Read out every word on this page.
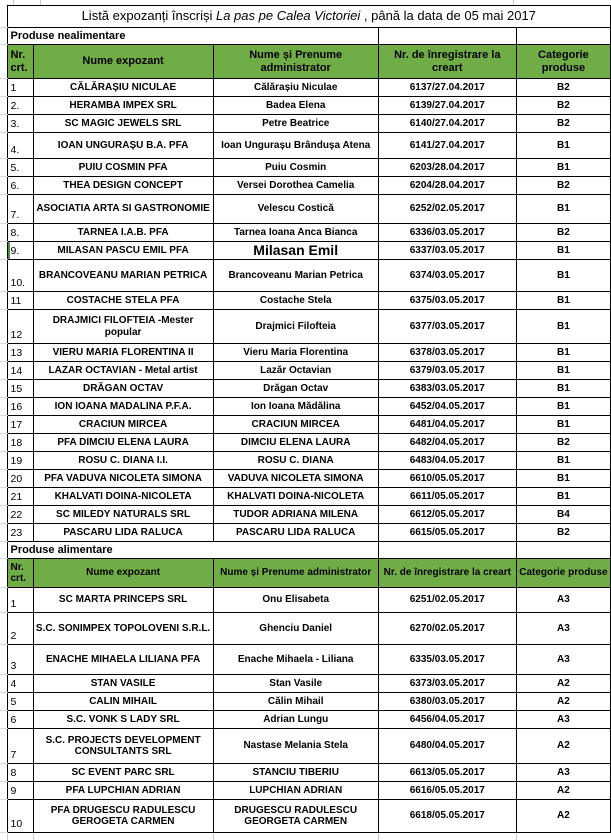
	Listă expozanți înscriși La pas pe Calea Victoriei , până la data de 05 mai 2017				
	Produse nealimentare				
	Nr. crt.	Nume expozant	Nume și Prenume administrator	Nr. de înregistrare la creart	Categorie produse
	1	CĂLĂRAȘIU NICULAE	Călărașiu Niculae	6137/27.04.2017	B2
	2.	HERAMBA IMPEX SRL	Badea Elena	6139/27.04.2017	B2
	3.	SC MAGIC JEWELS SRL	Petre Beatrice	6140/27.04.2017	B2
	4.	IOAN UNGURAȘU B.A. PFA	Ioan Ungurașu Brândușa Atena	6141/27.04.2017	B1
	5.	PUIU COSMIN PFA	Puiu Cosmin	6203/28.04.2017	B1
	6.	THEA DESIGN CONCEPT	Versei Dorothea Camelia	6204/28.04.2017	B2
	7.	ASOCIATIA ARTA SI GASTRONOMIE	Velescu Costică	6252/02.05.2017	B1
	8.	TARNEA I.A.B. PFA	Tarnea Ioana Anca Bianca	6336/03.05.2017	B2
	9.	MILASAN PASCU EMIL PFA	Milasan Emil	6337/03.05.2017	B1
	10.	BRANCOVEANU MARIAN PETRICA	Brancoveanu Marian Petrica	6374/03.05.2017	B1
	11	COSTACHE STELA PFA	Costache Stela	6375/03.05.2017	B1
	12	DRAJMICI FILOFTEIA -Mester popular	Drajmici Filofteia	6377/03.05.2017	B1
	13	VIERU MARIA FLORENTINA II	Vieru Maria Florentina	6378/03.05.2017	B1
	14	LAZAR OCTAVIAN - Metal artist	Lazăr Octavian	6379/03.05.2017	B1
	15	DRĂGAN OCTAV	Drăgan Octav	6383/03.05.2017	B1
	16	ION IOANA MADALINA P.F.A.	Ion Ioana Mădălina	6452/04.05.2017	B1
	17	CRACIUN MIRCEA	CRACIUN MIRCEA	6481/04.05.2017	B1
	18	PFA DIMCIU ELENA LAURA	DIMCIU ELENA LAURA	6482/04.05.2017	B2
	19	ROSU C. DIANA I.I.	ROSU C. DIANA	6483/04.05.2017	B1
	20	PFA VADUVA NICOLETA SIMONA	VADUVA NICOLETA SIMONA	6610/05.05.2017	B1
	21	KHALVATI DOINA-NICOLETA	KHALVATI DOINA-NICOLETA	6611/05.05.2017	B1
	22	SC MILEDY NATURALS SRL	TUDOR ADRIANA MILENA	6612/05.05.2017	B4
	23	PASCARU LIDA RALUCA	PASCARU LIDA RALUCA	6615/05.05.2017	B2
	Produse alimentare				
	Nr. crt.	Nume expozant	Nume și Prenume administrator	Nr. de înregistrare la creart	Categorie produse
	1	SC MARTA PRINCEPS SRL	Onu Elisabeta	6251/02.05.2017	A3
	2	S.C. SONIMPEX TOPOLOVENI S.R.L.	Ghenciu Daniel	6270/02.05.2017	A3
	3	ENACHE MIHAELA LILIANA PFA	Enache Mihaela - Liliana	6335/03.05.2017	A3
	4	STAN VASILE	Stan Vasile	6373/03.05.2017	A2
	5	CALIN MIHAIL	Călin Mihail	6380/03.05.2017	A2
	6	S.C. VONK S LADY SRL	Adrian Lungu	6456/04.05.2017	A3
	7	S.C. PROJECTS DEVELOPMENT CONSULTANTS SRL	Nastase Melania Stela	6480/04.05.2017	A2
	8	SC EVENT PARC SRL	STANCIU TIBERIU	6613/05.05.2017	A3
	9	PFA LUPCHIAN ADRIAN	LUPCHIAN ADRIAN	6616/05.05.2017	A2
	10	PFA DRUGESCU RADULESCU GEROGETA CARMEN	DRUGESCU RADULESCU GEORGETA CARMEN	6618/05.05.2017	A2
